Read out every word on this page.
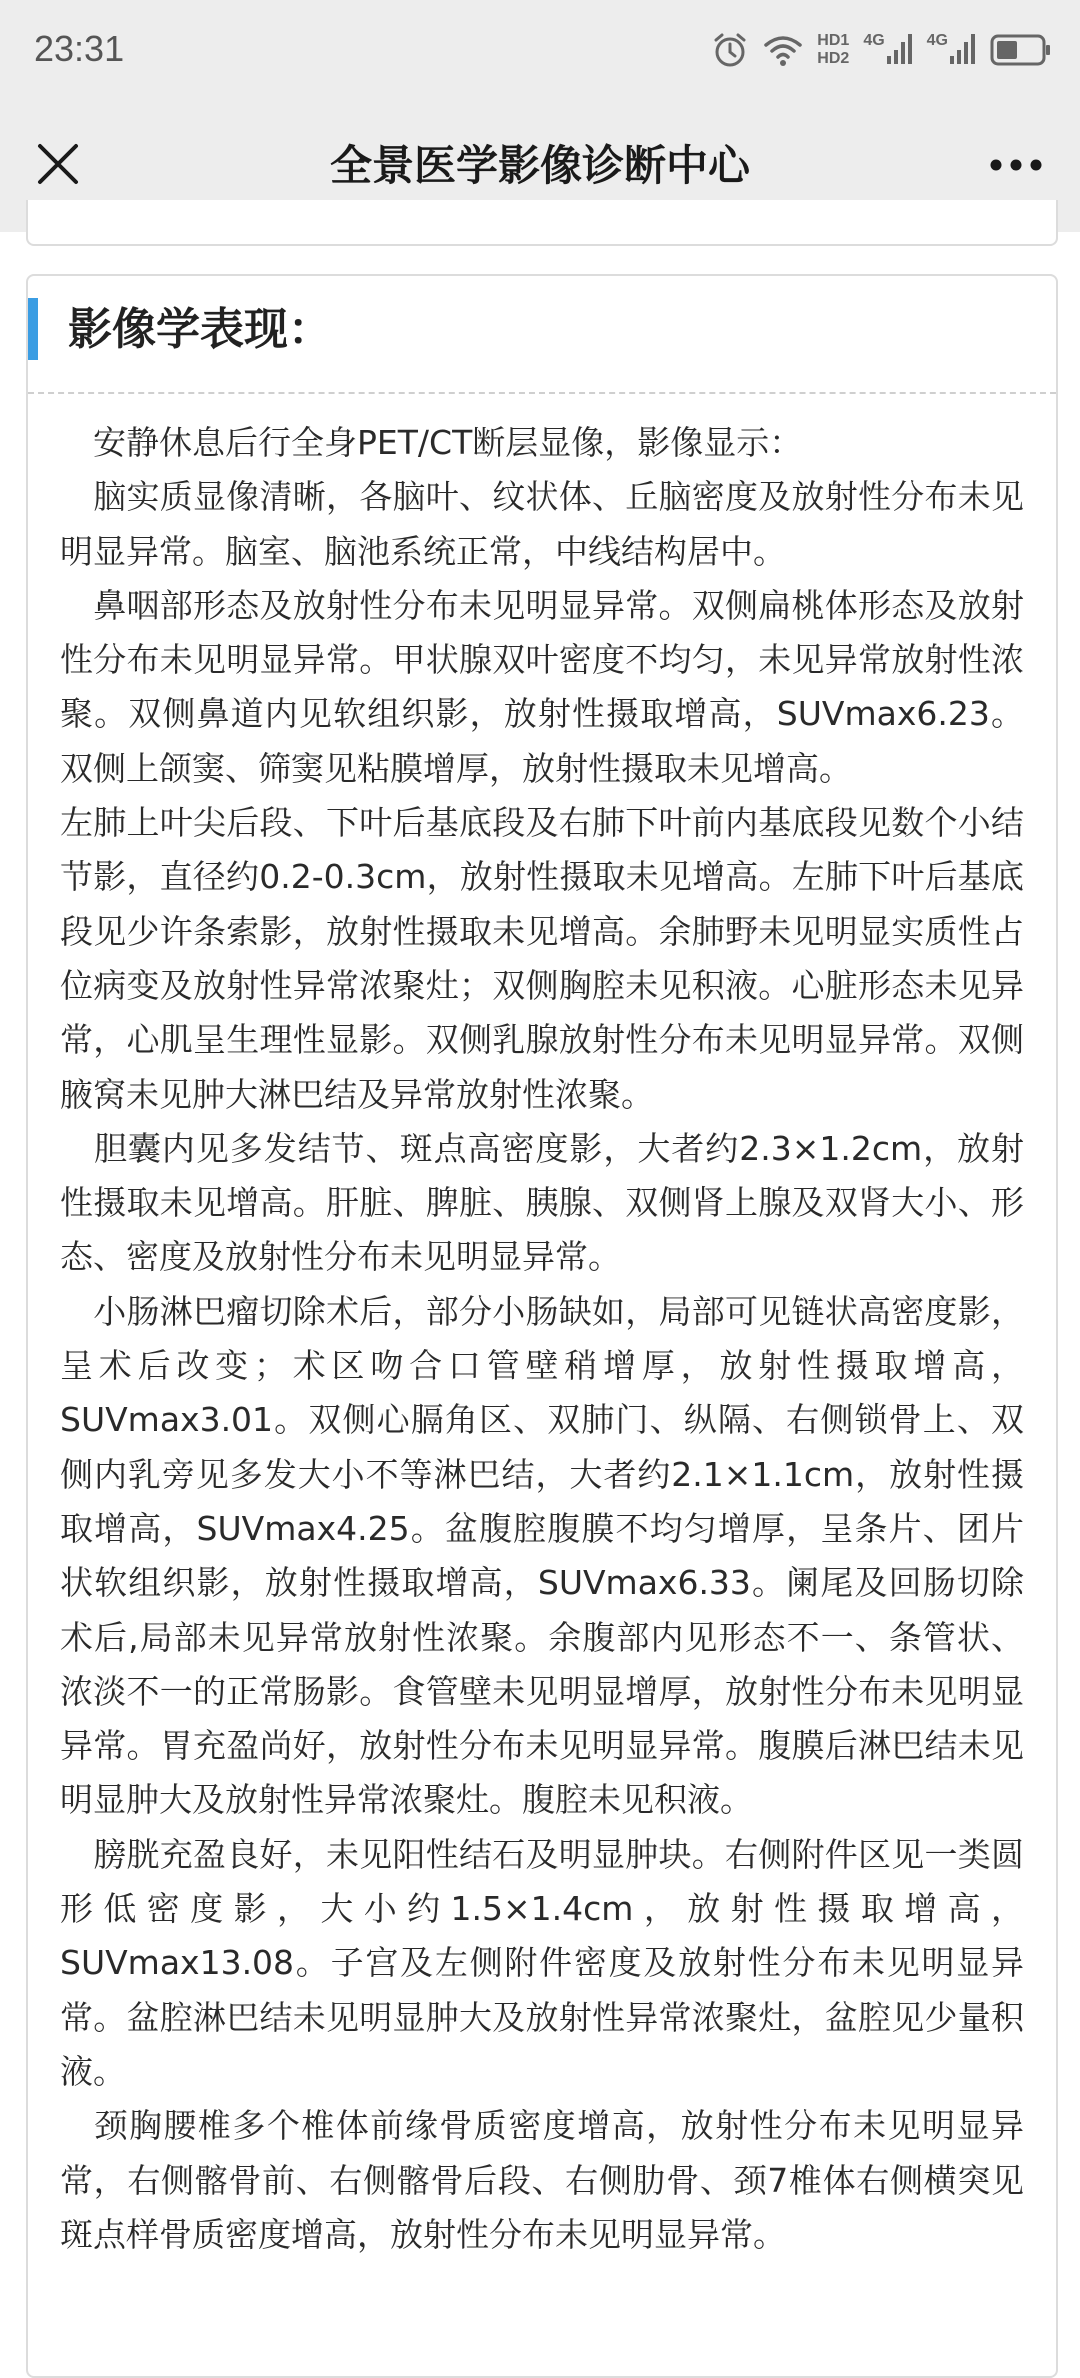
23:31	HD1
HD2
4G	4G
全景医学影像诊断中心
影像学表现：

　安静休息后行全身PET/CT断层显像，影像显示：

　脑实质显像清晰，各脑叶、纹状体、丘脑密度及放射性分布未见明显异常。脑室、脑池系统正常，中线结构居中。

　鼻咽部形态及放射性分布未见明显异常。双侧扁桃体形态及放射性分布未见明显异常。甲状腺双叶密度不均匀，未见异常放射性浓聚。双侧鼻道内见软组织影，放射性摄取增高，SUVmax6.23。双侧上颌窦、筛窦见粘膜增厚，放射性摄取未见增高。

左肺上叶尖后段、下叶后基底段及右肺下叶前内基底段见数个小结节影，直径约0.2-0.3cm，放射性摄取未见增高。左肺下叶后基底段见少许条索影，放射性摄取未见增高。余肺野未见明显实质性占位病变及放射性异常浓聚灶；双侧胸腔未见积液。心脏形态未见异常，心肌呈生理性显影。双侧乳腺放射性分布未见明显异常。双侧腋窝未见肿大淋巴结及异常放射性浓聚。

　胆囊内见多发结节、斑点高密度影，大者约2.3×1.2cm，放射性摄取未见增高。肝脏、脾脏、胰腺、双侧肾上腺及双肾大小、形态、密度及放射性分布未见明显异常。

　小肠淋巴瘤切除术后，部分小肠缺如，局部可见链状高密度影，呈术后改变；术区吻合口管壁稍增厚，放射性摄取增高，SUVmax3.01。双侧心膈角区、双肺门、纵隔、右侧锁骨上、双侧内乳旁见多发大小不等淋巴结，大者约2.1×1.1cm，放射性摄取增高，SUVmax4.25。盆腹腔腹膜不均匀增厚，呈条片、团片状软组织影，放射性摄取增高，SUVmax6.33。阑尾及回肠切除术后,局部未见异常放射性浓聚。余腹部内见形态不一、条管状、浓淡不一的正常肠影。食管壁未见明显增厚，放射性分布未见明显异常。胃充盈尚好，放射性分布未见明显异常。腹膜后淋巴结未见明显肿大及放射性异常浓聚灶。腹腔未见积液。

　膀胱充盈良好，未见阳性结石及明显肿块。右侧附件区见一类圆形低密度影，大小约1.5×1.4cm，放射性摄取增高，SUVmax13.08。子宫及左侧附件密度及放射性分布未见明显异常。盆腔淋巴结未见明显肿大及放射性异常浓聚灶，盆腔见少量积液。

　颈胸腰椎多个椎体前缘骨质密度增高，放射性分布未见明显异常，右侧髂骨前、右侧髂骨后段、右侧肋骨、颈7椎体右侧横突见斑点样骨质密度增高，放射性分布未见明显异常。
